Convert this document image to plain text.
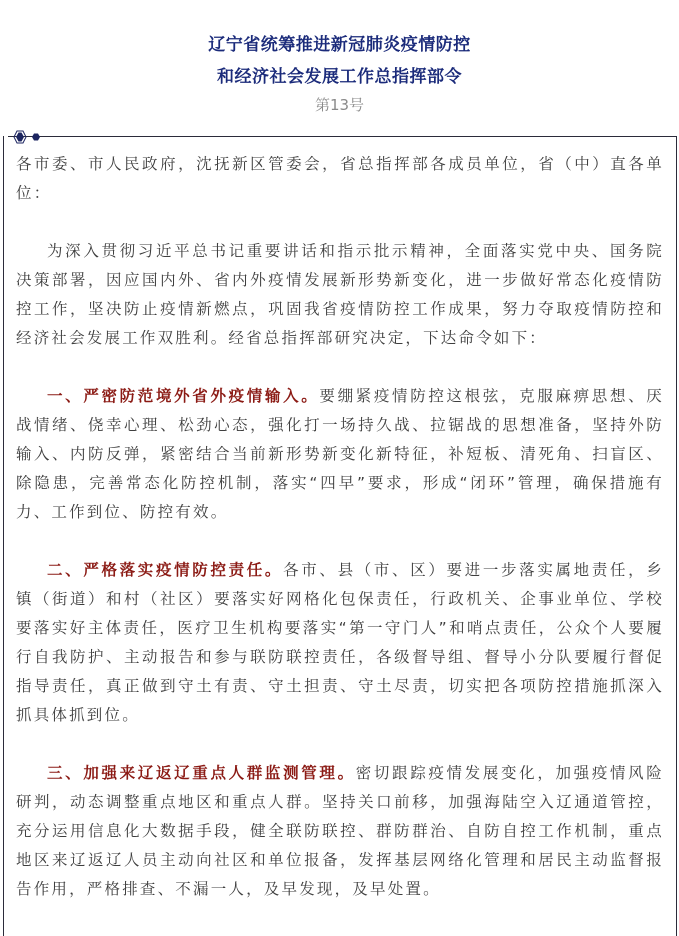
辽宁省统筹推进新冠肺炎疫情防控
和经济社会发展工作总指挥部令
第13号

各市委、市人民政府，沈抚新区管委会，省总指挥部各成员单位，省（中）直各单位：

为深入贯彻习近平总书记重要讲话和指示批示精神，全面落实党中央、国务院决策部署，因应国内外、省内外疫情发展新形势新变化，进一步做好常态化疫情防控工作，坚决防止疫情新燃点，巩固我省疫情防控工作成果，努力夺取疫情防控和经济社会发展工作双胜利。经省总指挥部研究决定，下达命令如下：

一、严密防范境外省外疫情输入。要绷紧疫情防控这根弦，克服麻痹思想、厌战情绪、侥幸心理、松劲心态，强化打一场持久战、拉锯战的思想准备，坚持外防输入、内防反弹，紧密结合当前新形势新变化新特征，补短板、清死角、扫盲区、除隐患，完善常态化防控机制，落实“四早”要求，形成“闭环”管理，确保措施有力、工作到位、防控有效。

二、严格落实疫情防控责任。各市、县（市、区）要进一步落实属地责任，乡镇（街道）和村（社区）要落实好网格化包保责任，行政机关、企事业单位、学校要落实好主体责任，医疗卫生机构要落实“第一守门人”和哨点责任，公众个人要履行自我防护、主动报告和参与联防联控责任，各级督导组、督导小分队要履行督促指导责任，真正做到守土有责、守土担责、守土尽责，切实把各项防控措施抓深入抓具体抓到位。

三、加强来辽返辽重点人群监测管理。密切跟踪疫情发展变化，加强疫情风险研判，动态调整重点地区和重点人群。坚持关口前移，加强海陆空入辽通道管控，充分运用信息化大数据手段，健全联防联控、群防群治、自防自控工作机制，重点地区来辽返辽人员主动向社区和单位报备，发挥基层网络化管理和居民主动监督报告作用，严格排查、不漏一人，及早发现，及早处置。
